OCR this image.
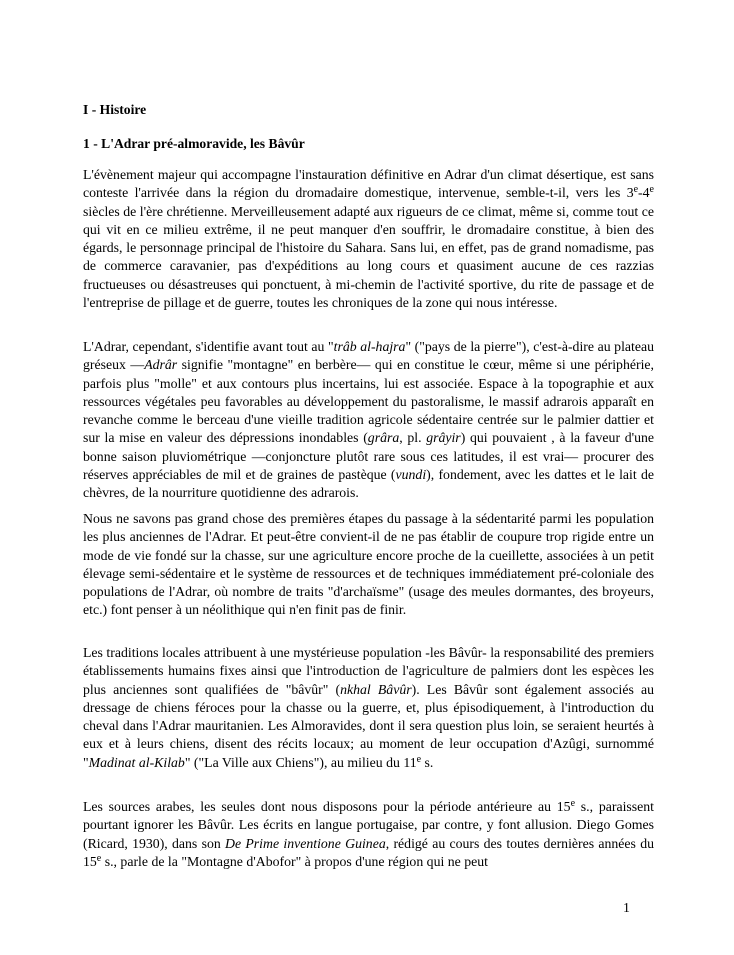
I - Histoire
1 - L'Adrar pré-almoravide, les Bâvûr

L'évènement majeur qui accompagne l'instauration définitive en Adrar d'un climat désertique, est sans conteste l'arrivée dans la région du dromadaire domestique, intervenue, semble-t-il, vers les 3e-4e siècles de l'ère chrétienne. Merveilleusement adapté aux rigueurs de ce climat, même si, comme tout ce qui vit en ce milieu extrême, il ne peut manquer d'en souffrir, le dromadaire constitue, à bien des égards, le personnage principal de l'histoire du Sahara. Sans lui, en effet, pas de grand nomadisme, pas de commerce caravanier, pas d'expéditions au long cours et quasiment aucune de ces razzias fructueuses ou désastreuses qui ponctuent, à mi-chemin de l'activité sportive, du rite de passage et de l'entreprise de pillage et de guerre, toutes les chroniques de la zone qui nous intéresse.

L'Adrar, cependant, s'identifie avant tout au "trâb al-hajra" ("pays de la pierre"), c'est-à-dire au plateau gréseux —Adrâr signifie "montagne" en berbère— qui en constitue le cœur, même si une périphérie, parfois plus "molle" et aux contours plus incertains, lui est associée. Espace à la topographie et aux ressources végétales peu favorables au développement du pastoralisme, le massif adrarois apparaît en revanche comme le berceau d'une vieille tradition agricole sédentaire centrée sur le palmier dattier et sur la mise en valeur des dépressions inondables (grâra, pl. grâyir) qui pouvaient , à la faveur d'une bonne saison pluviométrique —conjoncture plutôt rare sous ces latitudes, il est vrai— procurer des réserves appréciables de mil et de graines de pastèque (vundi), fondement, avec les dattes et le lait de chèvres, de la nourriture quotidienne des adrarois.

Nous ne savons pas grand chose des premières étapes du passage à la sédentarité parmi les population les plus anciennes de l'Adrar. Et peut-être convient-il de ne pas établir de coupure trop rigide entre un mode de vie fondé sur la chasse, sur une agriculture encore proche de la cueillette, associées à un petit élevage semi-sédentaire et le système de ressources et de techniques immédiatement pré-coloniale des populations de l'Adrar, où nombre de traits "d'archaïsme" (usage des meules dormantes, des broyeurs, etc.) font penser à un néolithique qui n'en finit pas de finir.

Les traditions locales attribuent à une mystérieuse population -les Bâvûr- la responsabilité des premiers établissements humains fixes ainsi que l'introduction de l'agriculture de palmiers dont les espèces les plus anciennes sont qualifiées de "bâvûr" (nkhal Bâvûr). Les Bâvûr sont également associés au dressage de chiens féroces pour la chasse ou la guerre, et, plus épisodiquement, à l'introduction du cheval dans l'Adrar mauritanien. Les Almoravides, dont il sera question plus loin, se seraient heurtés à eux et à leurs chiens, disent des récits locaux; au moment de leur occupation d'Azûgi, surnommé "Madinat al-Kilab" ("La Ville aux Chiens"), au milieu du 11e s.

Les sources arabes, les seules dont nous disposons pour la période antérieure au 15e s., paraissent pourtant ignorer les Bâvûr. Les écrits en langue portugaise, par contre, y font allusion. Diego Gomes (Ricard, 1930), dans son De Prime inventione Guinea, rédigé au cours des toutes dernières années du 15e s., parle de la "Montagne d'Abofor" à propos d'une région qui ne peut

1
